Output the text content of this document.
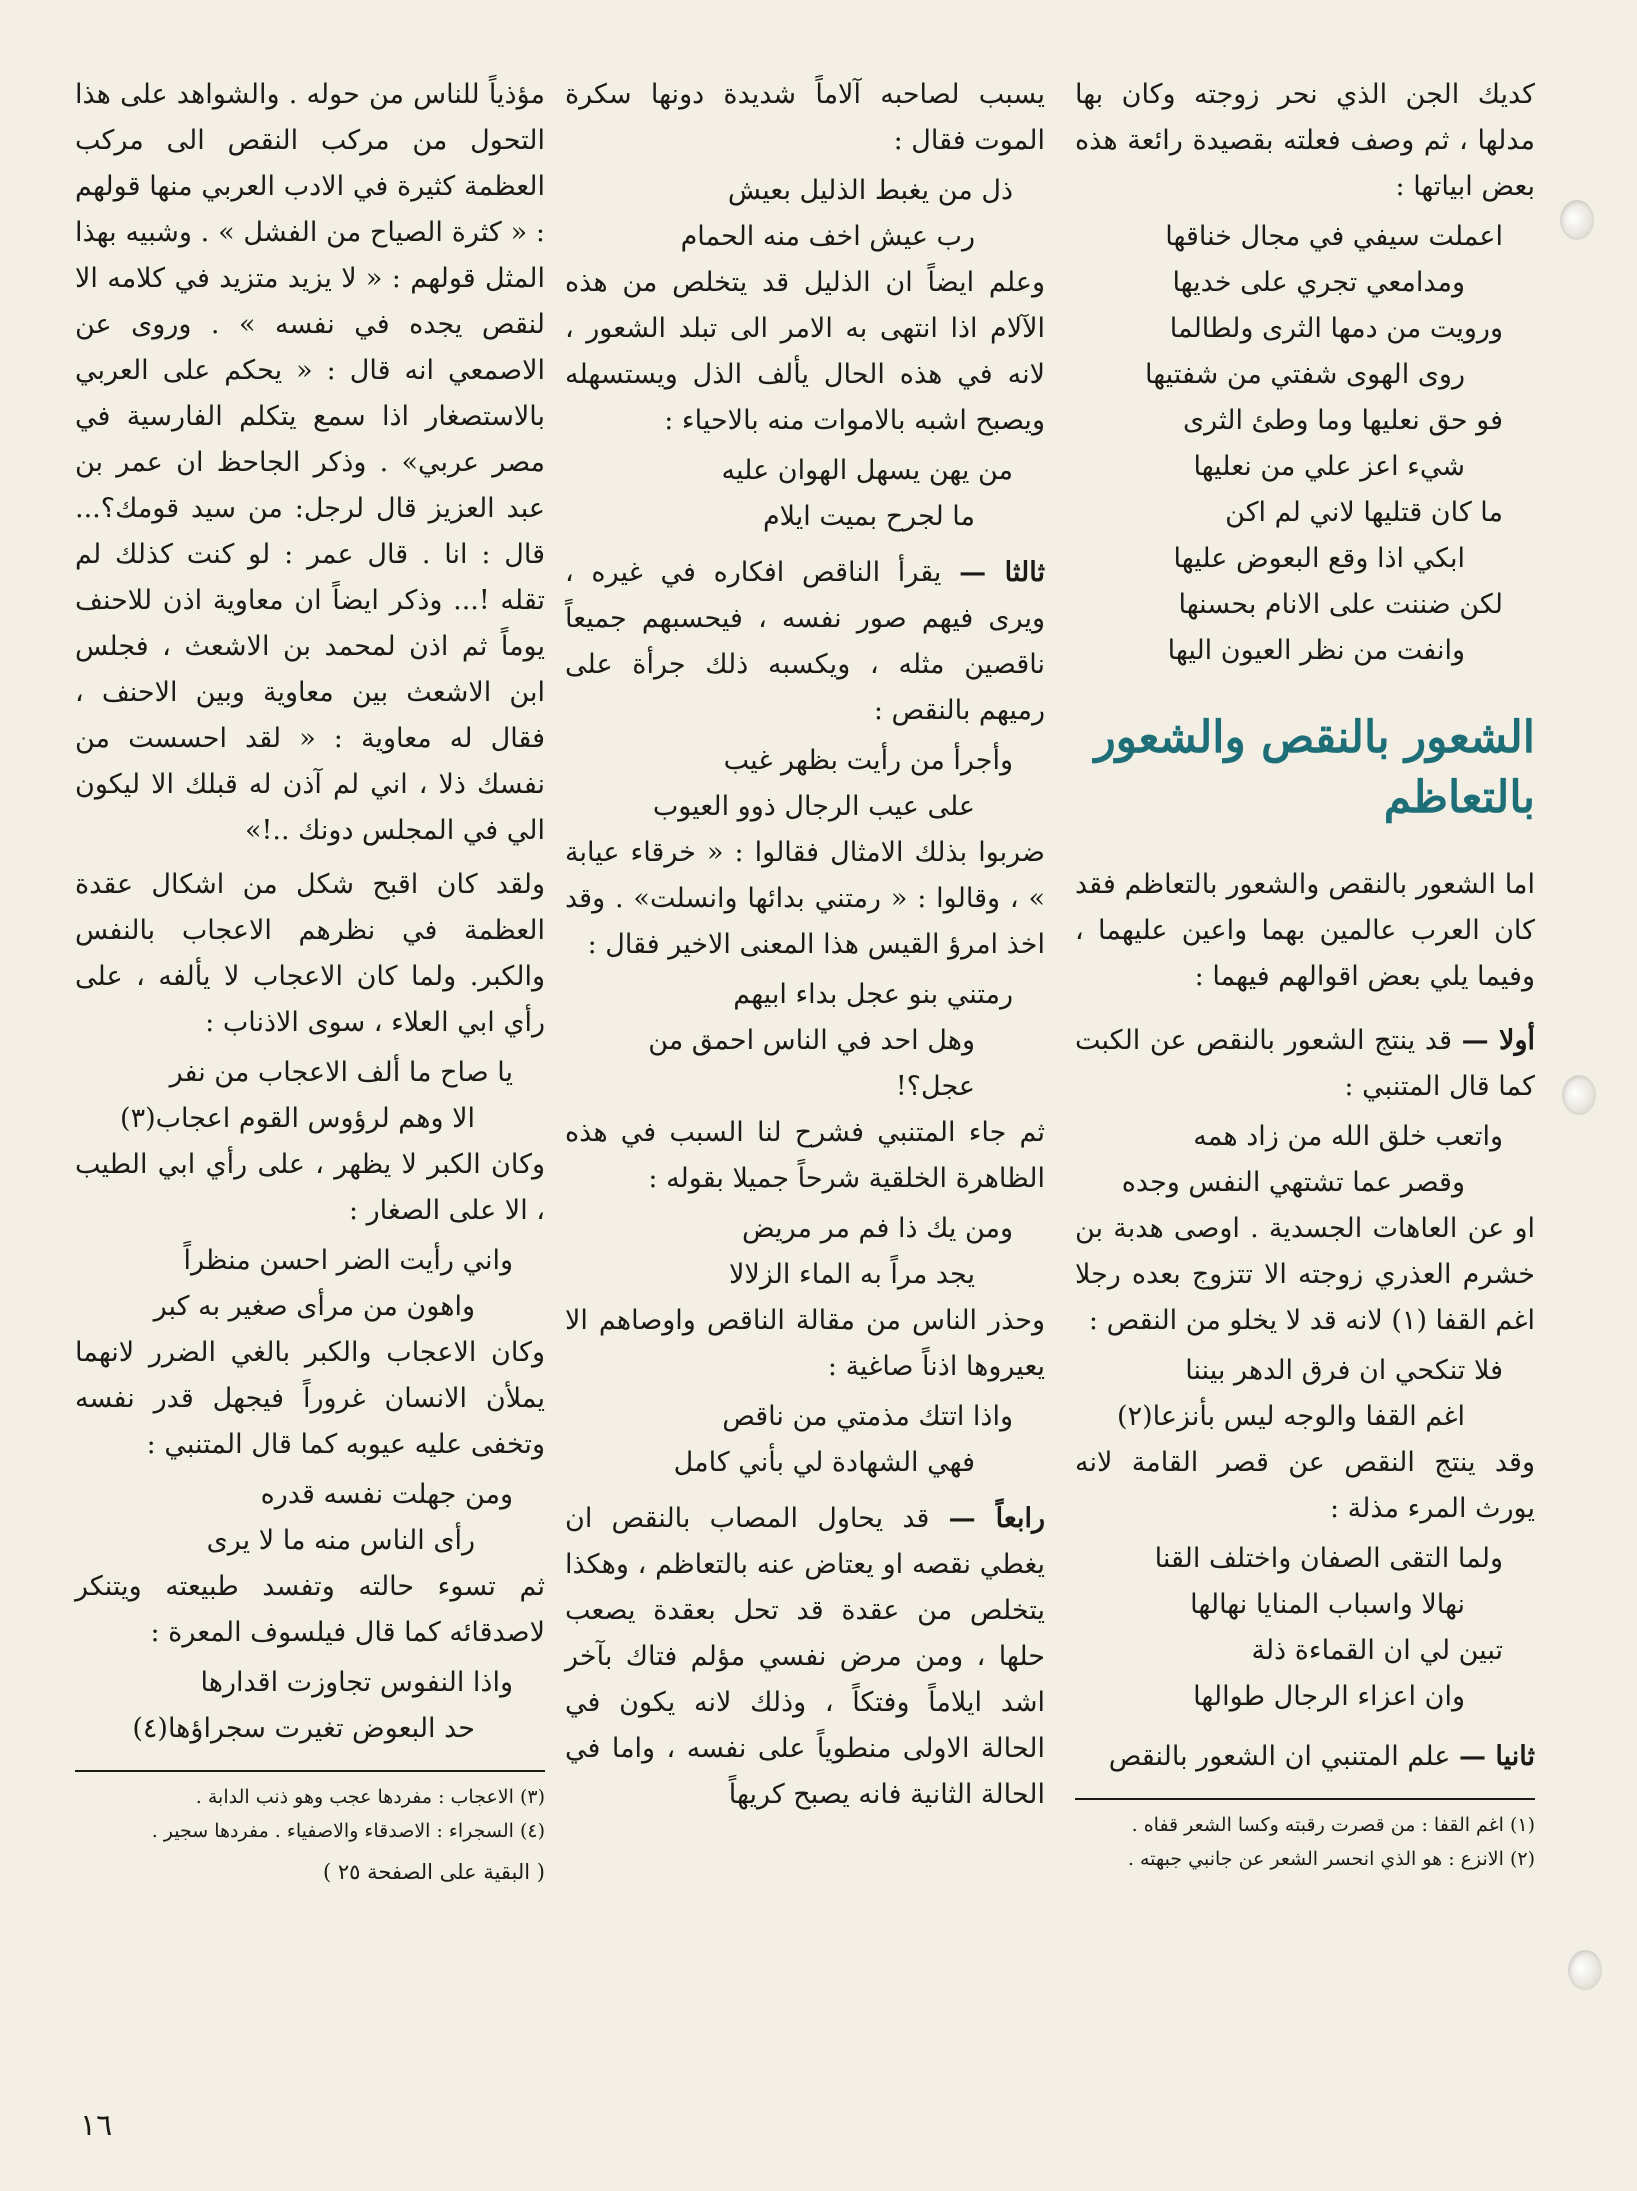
كديك الجن الذي نحر زوجته وكان بها مدلها ، ثم وصف فعلته بقصيدة رائعة هذه بعض ابياتها :

اعملت سيفي في مجال خناقها

ومدامعي تجري على خديها

ورويت من دمها الثرى ولطالما

روى الهوى شفتي من شفتيها

فو حق نعليها وما وطئ الثرى

شيء اعز علي من نعليها

ما كان قتليها لاني لم اكن

ابكي اذا وقع البعوض عليها

لكن ضننت على الانام بحسنها

وانفت من نظر العيون اليها

الشعور بالنقص والشعور بالتعاظم

اما الشعور بالنقص والشعور بالتعاظم فقد كان العرب عالمين بهما واعين عليهما ، وفيما يلي بعض اقوالهم فيهما :

أولا — قد ينتج الشعور بالنقص عن الكبت كما قال المتنبي :

واتعب خلق الله من زاد همه

وقصر عما تشتهي النفس وجده

او عن العاهات الجسدية . اوصى هدبة بن خشرم العذري زوجته الا تتزوج بعده رجلا اغم القفا (١) لانه قد لا يخلو من النقص :

فلا تنكحي ان فرق الدهر بيننا

اغم القفا والوجه ليس بأنزعا(٢)

وقد ينتج النقص عن قصر القامة لانه يورث المرء مذلة :

ولما التقى الصفان واختلف القنا

نهالا واسباب المنايا نهالها

تبين لي ان القماءة ذلة

وان اعزاء الرجال طوالها

ثانيا — علم المتنبي ان الشعور بالنقص

(١) اغم القفا : من قصرت رقبته وكسا الشعر قفاه .

(٢) الانزع : هو الذي انحسر الشعر عن جانبي جبهته .

يسبب لصاحبه آلاماً شديدة دونها سكرة الموت فقال :

ذل من يغبط الذليل بعيش

رب عيش اخف منه الحمام

وعلم ايضاً ان الذليل قد يتخلص من هذه الآلام اذا انتهى به الامر الى تبلد الشعور ، لانه في هذه الحال يألف الذل ويستسهله ويصبح اشبه بالاموات منه بالاحياء :

من يهن يسهل الهوان عليه

ما لجرح بميت ايلام

ثالثا — يقرأ الناقص افكاره في غيره ، ويرى فيهم صور نفسه ، فيحسبهم جميعاً ناقصين مثله ، ويكسبه ذلك جرأة على رميهم بالنقص :

وأجرأ من رأيت بظهر غيب

على عيب الرجال ذوو العيوب

ضربوا بذلك الامثال فقالوا : « خرقاء عيابة » ، وقالوا : « رمتني بدائها وانسلت» . وقد اخذ امرؤ القيس هذا المعنى الاخير فقال :

رمتني بنو عجل بداء ابيهم

وهل احد في الناس احمق من عجل؟!

ثم جاء المتنبي فشرح لنا السبب في هذه الظاهرة الخلقية شرحاً جميلا بقوله :

ومن يك ذا فم مر مريض

يجد مراً به الماء الزلالا

وحذر الناس من مقالة الناقص واوصاهم الا يعيروها اذناً صاغية :

واذا اتتك مذمتي من ناقص

فهي الشهادة لي بأني كامل

رابعاً — قد يحاول المصاب بالنقص ان يغطي نقصه او يعتاض عنه بالتعاظم ، وهكذا يتخلص من عقدة قد تحل بعقدة يصعب حلها ، ومن مرض نفسي مؤلم فتاك بآخر اشد ايلاماً وفتكاً ، وذلك لانه يكون في الحالة الاولى منطوياً على نفسه ، واما في الحالة الثانية فانه يصبح كريهاً

مؤذياً للناس من حوله . والشواهد على هذا التحول من مركب النقص الى مركب العظمة كثيرة في الادب العربي منها قولهم : « كثرة الصياح من الفشل » . وشبيه بهذا المثل قولهم : « لا يزيد متزيد في كلامه الا لنقص يجده في نفسه » . وروى عن الاصمعي انه قال : « يحكم على العربي بالاستصغار اذا سمع يتكلم الفارسية في مصر عربي» . وذكر الجاحظ ان عمر بن عبد العزيز قال لرجل: من سيد قومك؟... قال : انا . قال عمر : لو كنت كذلك لم تقله !... وذكر ايضاً ان معاوية اذن للاحنف يوماً ثم اذن لمحمد بن الاشعث ، فجلس ابن الاشعث بين معاوية وبين الاحنف ، فقال له معاوية : « لقد احسست من نفسك ذلا ، اني لم آذن له قبلك الا ليكون الي في المجلس دونك ..!»

ولقد كان اقبح شكل من اشكال عقدة العظمة في نظرهم الاعجاب بالنفس والكبر. ولما كان الاعجاب لا يألفه ، على رأي ابي العلاء ، سوى الاذناب :

يا صاح ما ألف الاعجاب من نفر

الا وهم لرؤوس القوم اعجاب(٣)

وكان الكبر لا يظهر ، على رأي ابي الطيب ، الا على الصغار :

واني رأيت الضر احسن منظراً

واهون من مرأى صغير به كبر

وكان الاعجاب والكبر بالغي الضرر لانهما يملأن الانسان غروراً فيجهل قدر نفسه وتخفى عليه عيوبه كما قال المتنبي :

ومن جهلت نفسه قدره

رأى الناس منه ما لا يرى

ثم تسوء حالته وتفسد طبيعته ويتنكر لاصدقائه كما قال فيلسوف المعرة :

واذا النفوس تجاوزت اقدارها

حد البعوض تغيرت سجراؤها(٤)

(٣) الاعجاب : مفردها عجب وهو ذنب الدابة .

(٤) السجراء : الاصدقاء والاصفياء . مفردها سجير .

( البقية على الصفحة ٢٥ )

١٦
